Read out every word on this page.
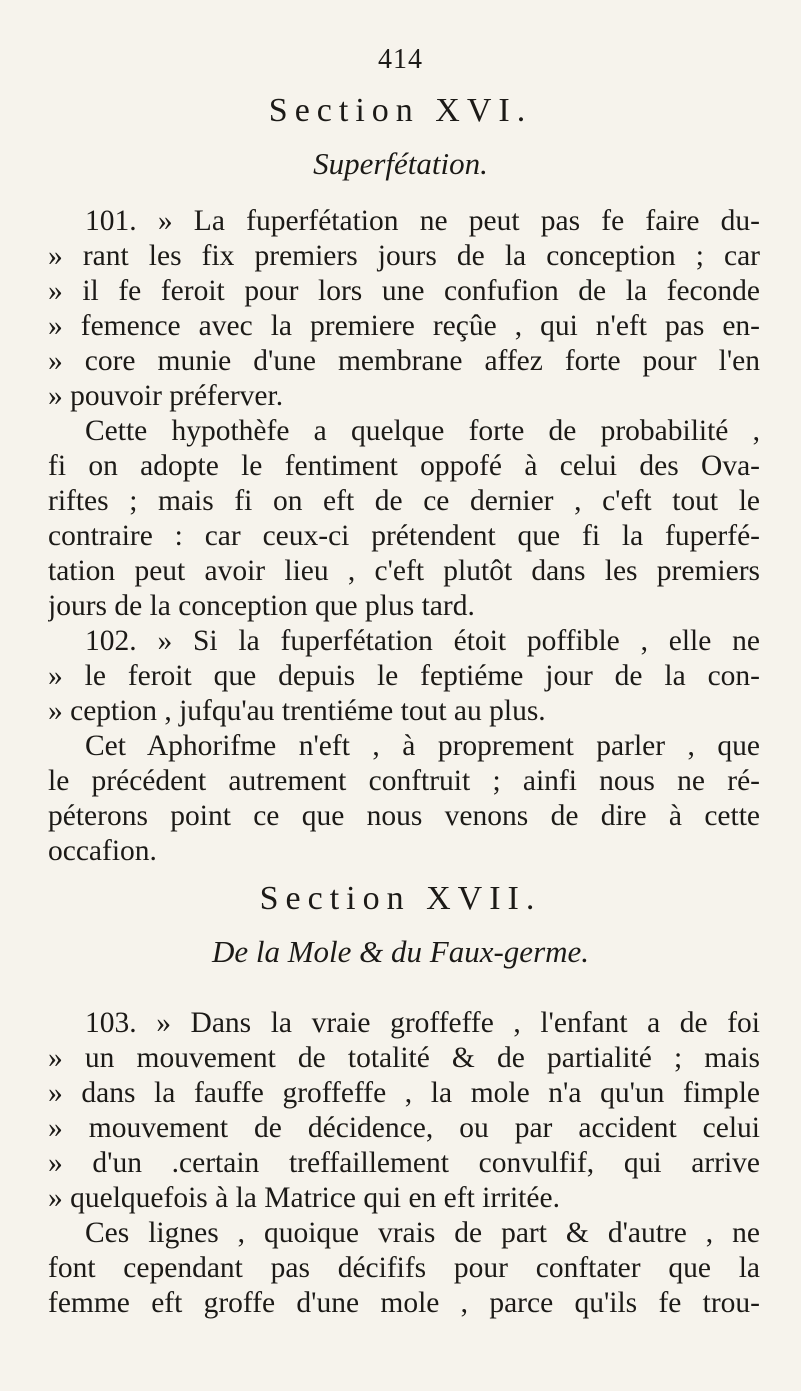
414
Section XVI.
Superfétation.
101. » La fuperfétation ne peut pas fe faire du-
» rant les fix premiers jours de la conception ; car
» il fe feroit pour lors une confufion de la feconde
» femence avec la premiere reçûe , qui n'eft pas en-
» core munie d'une membrane affez forte pour l'en
» pouvoir préferver.
Cette hypothèfe a quelque forte de probabilité ,
fi on adopte le fentiment oppofé à celui des Ova-
riftes ; mais fi on eft de ce dernier , c'eft tout le
contraire : car ceux-ci prétendent que fi la fuperfé-
tation peut avoir lieu , c'eft plutôt dans les premiers
jours de la conception que plus tard.
102. » Si la fuperfétation étoit poffible , elle ne
» le feroit que depuis le feptiéme jour de la con-
» ception , jufqu'au trentiéme tout au plus.
Cet Aphorifme n'eft , à proprement parler , que
le précédent autrement conftruit ; ainfi nous ne ré-
péterons point ce que nous venons de dire à cette
occafion.
Section XVII.
De la Mole & du Faux-germe.
103. » Dans la vraie groffeffe , l'enfant a de foi
» un mouvement de totalité & de partialité ; mais
» dans la fauffe groffeffe , la mole n'a qu'un fimple
» mouvement de décidence, ou par accident celui
» d'un .certain treffaillement convulfif, qui arrive
» quelquefois à la Matrice qui en eft irritée.
Ces lignes , quoique vrais de part & d'autre , ne
font cependant pas décififs pour conftater que la
femme eft groffe d'une mole , parce qu'ils fe trou-
